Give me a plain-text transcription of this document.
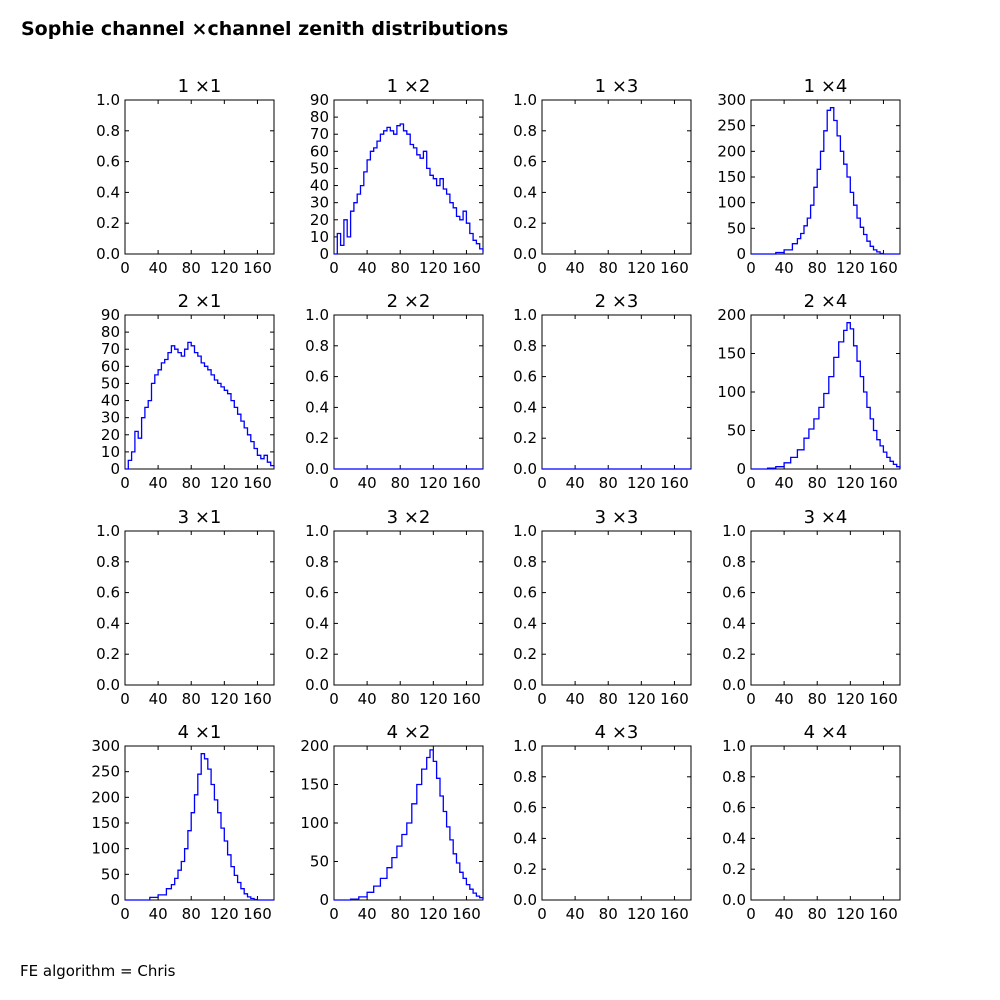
Sophie channel ×channel zenith distributions
1 ×1
0 40 80 120 160
0.0
0.2
0.4
0.6
0.8
1.0
1 ×2
0 40 80 120 160
0
10
20
30
40
50
60
70
80
90
1 ×3
0 40 80 120 160
0.0
0.2
0.4
0.6
0.8
1.0
1 ×4
0 40 80 120 160
0
50
100
150
200
250
300
2 ×1
0 40 80 120 160
0
10
20
30
40
50
60
70
80
90
2 ×2
0 40 80 120 160
0.0
0.2
0.4
0.6
0.8
1.0
2 ×3
0 40 80 120 160
0.0
0.2
0.4
0.6
0.8
1.0
2 ×4
0 40 80 120 160
0
50
100
150
200
3 ×1
0 40 80 120 160
0.0
0.2
0.4
0.6
0.8
1.0
3 ×2
0 40 80 120 160
0.0
0.2
0.4
0.6
0.8
1.0
3 ×3
0 40 80 120 160
0.0
0.2
0.4
0.6
0.8
1.0
3 ×4
0 40 80 120 160
0.0
0.2
0.4
0.6
0.8
1.0
4 ×1
0 40 80 120 160
0
50
100
150
200
250
300
4 ×2
0 40 80 120 160
0
50
100
150
200
4 ×3
0 40 80 120 160
0.0
0.2
0.4
0.6
0.8
1.0
4 ×4
0 40 80 120 160
0.0
0.2
0.4
0.6
0.8
1.0
FE algorithm = Chris
